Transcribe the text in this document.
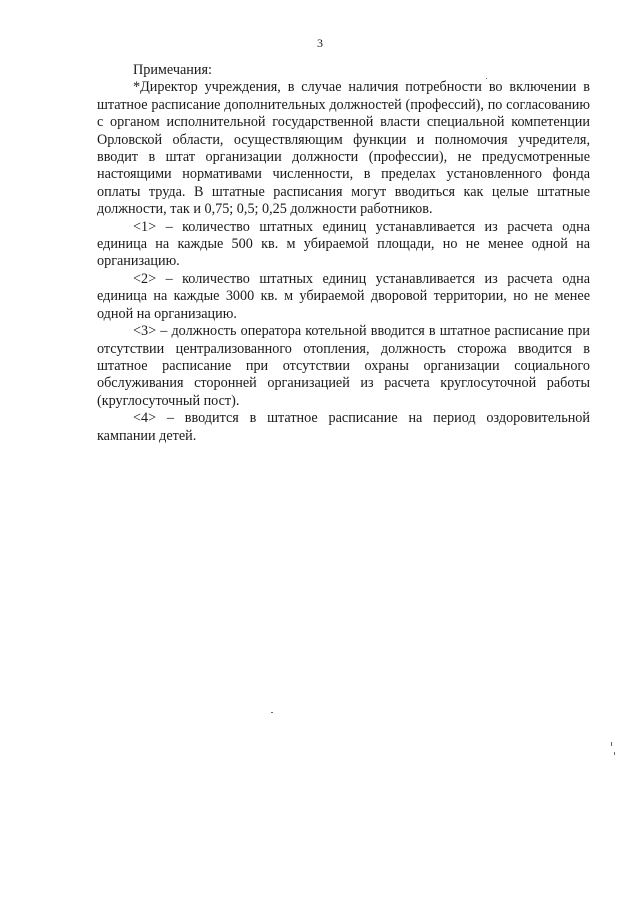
3

Примечания:

*Директор учреждения, в случае наличия потребности во включении в штатное расписание дополнительных должностей (профессий), по согласованию с органом исполнительной государственной власти специальной компетенции Орловской области, осуществляющим функции и полномочия учредителя, вводит в штат организации должности (профессии), не предусмотренные настоящими нормативами численности, в пределах установленного фонда оплаты труда. В штатные расписания могут вводиться как целые штатные должности, так и 0,75; 0,5; 0,25 должности работников.

<1> – количество штатных единиц устанавливается из расчета одна единица на каждые 500 кв. м убираемой площади, но не менее одной на организацию.

<2> – количество штатных единиц устанавливается из расчета одна единица на каждые 3000 кв. м убираемой дворовой территории, но не менее одной на организацию.

<3> – должность оператора котельной вводится в штатное расписание при отсутствии централизованного отопления, должность сторожа вводится в штатное расписание при отсутствии охраны организации социального обслуживания сторонней организацией из расчета круглосуточной работы (круглосуточный пост).

<4> – вводится в штатное расписание на период оздоровительной кампании детей.
